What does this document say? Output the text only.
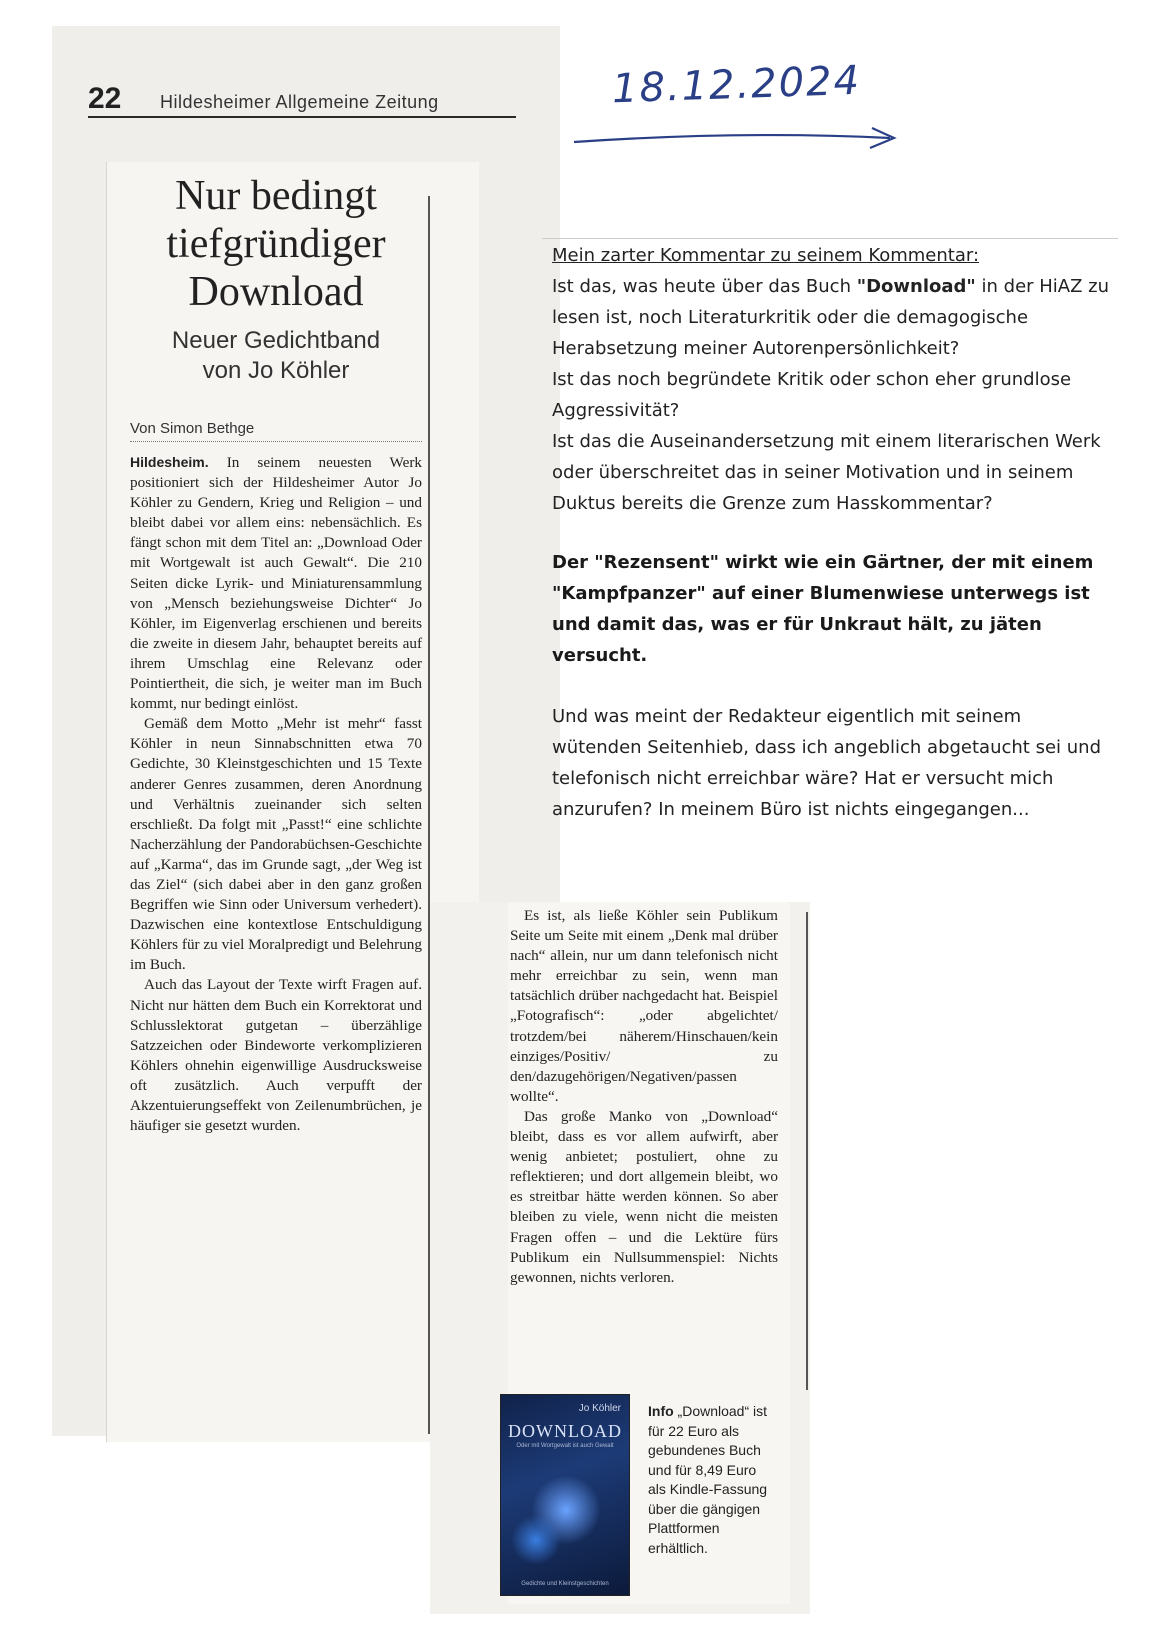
22 Hildesheimer Allgemeine Zeitung
Nur bedingt
tiefgründiger
Download
Neuer Gedichtband
von Jo Köhler
Von Simon Bethge

Hildesheim. In seinem neuesten Werk positioniert sich der Hildesheimer Autor Jo Köhler zu Gendern, Krieg und Religion – und bleibt dabei vor allem eins: nebensächlich. Es fängt schon mit dem Titel an: „Download Oder mit Wortgewalt ist auch Gewalt“. Die 210 Seiten dicke Lyrik- und Miniaturensammlung von „Mensch beziehungsweise Dichter“ Jo Köhler, im Eigenverlag erschienen und bereits die zweite in diesem Jahr, behauptet bereits auf ihrem Umschlag eine Relevanz oder Pointiertheit, die sich, je weiter man im Buch kommt, nur bedingt einlöst.

Gemäß dem Motto „Mehr ist mehr“ fasst Köhler in neun Sinnabschnitten etwa 70 Gedichte, 30 Kleinstgeschichten und 15 Texte anderer Genres zusammen, deren Anordnung und Verhältnis zueinander sich selten erschließt. Da folgt mit „Passt!“ eine schlichte Nacherzählung der Pandorabüchsen-Geschichte auf „Karma“, das im Grunde sagt, „der Weg ist das Ziel“ (sich dabei aber in den ganz großen Begriffen wie Sinn oder Universum verhedert). Dazwischen eine kontextlose Entschuldigung Köhlers für zu viel Moralpredigt und Belehrung im Buch.

Auch das Layout der Texte wirft Fragen auf. Nicht nur hätten dem Buch ein Korrektorat und Schlusslektorat gutgetan – überzählige Satzzeichen oder Bindeworte verkomplizieren Köhlers ohnehin eigenwillige Ausdrucksweise oft zusätzlich. Auch verpufft der Akzentuierungseffekt von Zeilenumbrüchen, je häufiger sie gesetzt wurden.

18.12.2024

Mein zarter Kommentar zu seinem Kommentar:

Ist das, was heute über das Buch "Download" in der HiAZ zu lesen ist, noch Literaturkritik oder die demagogische Herabsetzung meiner Autorenpersönlichkeit?

Ist das noch begründete Kritik oder schon eher grundlose Aggressivität?

Ist das die Auseinandersetzung mit einem literarischen Werk oder überschreitet das in seiner Motivation und in seinem Duktus bereits die Grenze zum Hasskommentar?

Der "Rezensent" wirkt wie ein Gärtner, der mit einem "Kampfpanzer" auf einer Blumenwiese unterwegs ist und damit das, was er für Unkraut hält, zu jäten versucht.

Und was meint der Redakteur eigentlich mit seinem wütenden Seitenhieb, dass ich angeblich abgetaucht sei und telefonisch nicht erreichbar wäre? Hat er versucht mich anzurufen? In meinem Büro ist nichts eingegangen...

Es ist, als ließe Köhler sein Publikum Seite um Seite mit einem „Denk mal drüber nach“ allein, nur um dann telefonisch nicht mehr erreichbar zu sein, wenn man tatsächlich drüber nachgedacht hat. Beispiel „Fotografisch“: „oder abgelichtet/ trotzdem/bei näherem/Hinschauen/kein einziges/Positiv/ zu den/dazugehörigen/Negativen/passen wollte“.

Das große Manko von „Download“ bleibt, dass es vor allem aufwirft, aber wenig anbietet; postuliert, ohne zu reflektieren; und dort allgemein bleibt, wo es streitbar hätte werden können. So aber bleiben zu viele, wenn nicht die meisten Fragen offen – und die Lektüre fürs Publikum ein Nullsummenspiel: Nichts gewonnen, nichts verloren.

Jo Köhler
DOWNLOAD
Oder mit Wortgewalt ist auch Gewalt
Gedichte und Kleinstgeschichten
Info „Download“ ist für 22 Euro als gebundenes Buch und für 8,49 Euro als Kindle-Fassung über die gängigen Plattformen erhältlich.
